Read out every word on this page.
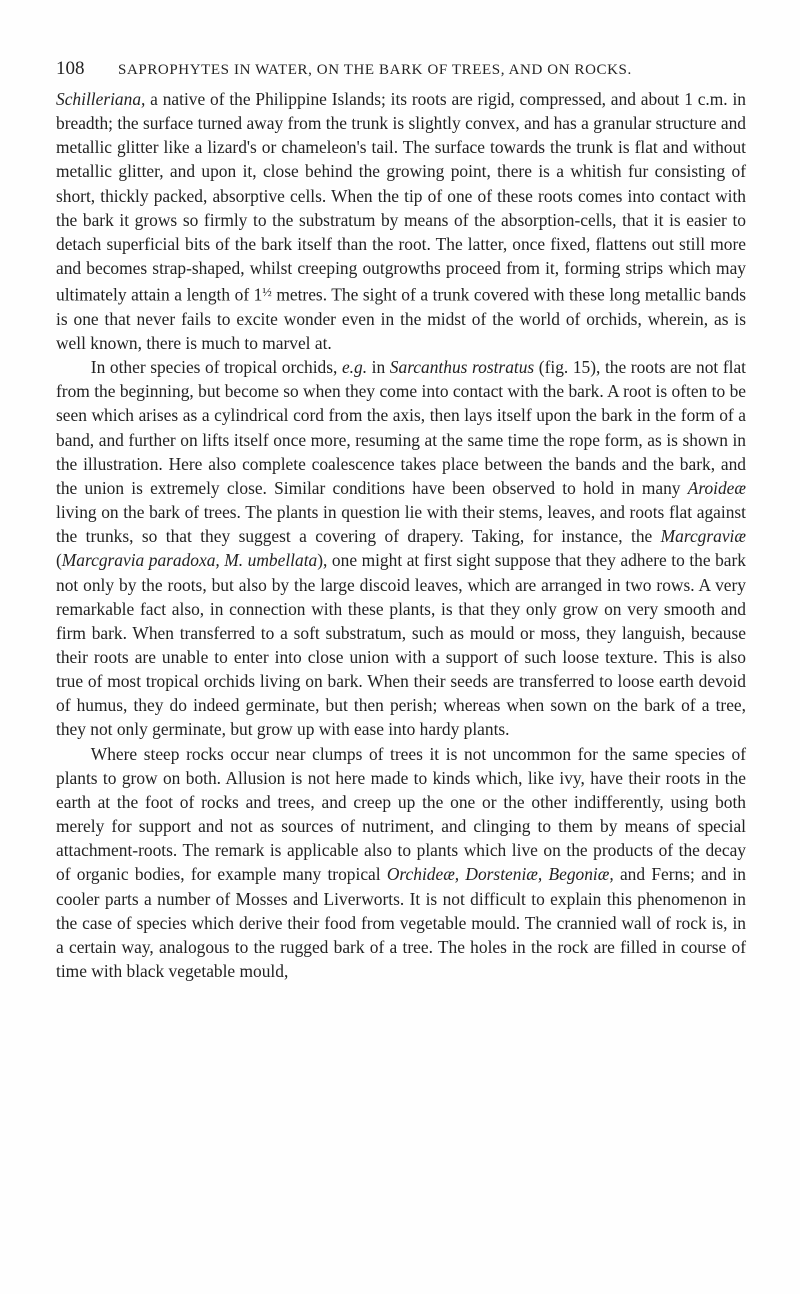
108 SAPROPHYTES IN WATER, ON THE BARK OF TREES, AND ON ROCKS.

Schilleriana, a native of the Philippine Islands; its roots are rigid, compressed, and about 1 c.m. in breadth; the surface turned away from the trunk is slightly convex, and has a granular structure and metallic glitter like a lizard's or chameleon's tail. The surface towards the trunk is flat and without metallic glitter, and upon it, close behind the growing point, there is a whitish fur consisting of short, thickly packed, absorptive cells. When the tip of one of these roots comes into contact with the bark it grows so firmly to the substratum by means of the absorption-cells, that it is easier to detach superficial bits of the bark itself than the root. The latter, once fixed, flattens out still more and becomes strap-shaped, whilst creeping outgrowths proceed from it, forming strips which may ultimately attain a length of $1^{\frac{1}{2}}$ metres. The sight of a trunk covered with these long metallic bands is one that never fails to excite wonder even in the midst of the world of orchids, wherein, as is well known, there is much to marvel at.

In other species of tropical orchids, e.g. in Sarcanthus rostratus (fig. 15), the roots are not flat from the beginning, but become so when they come into contact with the bark. A root is often to be seen which arises as a cylindrical cord from the axis, then lays itself upon the bark in the form of a band, and further on lifts itself once more, resuming at the same time the rope form, as is shown in the illustration. Here also complete coalescence takes place between the bands and the bark, and the union is extremely close. Similar conditions have been observed to hold in many Aroideæ living on the bark of trees. The plants in question lie with their stems, leaves, and roots flat against the trunks, so that they suggest a covering of drapery. Taking, for instance, the Marcgraviæ (Marcgravia paradoxa, M. umbellata), one might at first sight suppose that they adhere to the bark not only by the roots, but also by the large discoid leaves, which are arranged in two rows. A very remarkable fact also, in connection with these plants, is that they only grow on very smooth and firm bark. When transferred to a soft substratum, such as mould or moss, they languish, because their roots are unable to enter into close union with a support of such loose texture. This is also true of most tropical orchids living on bark. When their seeds are transferred to loose earth devoid of humus, they do indeed germinate, but then perish; whereas when sown on the bark of a tree, they not only germinate, but grow up with ease into hardy plants.

Where steep rocks occur near clumps of trees it is not uncommon for the same species of plants to grow on both. Allusion is not here made to kinds which, like ivy, have their roots in the earth at the foot of rocks and trees, and creep up the one or the other indifferently, using both merely for support and not as sources of nutriment, and clinging to them by means of special attachment-roots. The remark is applicable also to plants which live on the products of the decay of organic bodies, for example many tropical Orchideæ, Dorsteniæ, Begoniæ, and Ferns; and in cooler parts a number of Mosses and Liverworts. It is not difficult to explain this phenomenon in the case of species which derive their food from vegetable mould. The crannied wall of rock is, in a certain way, analogous to the rugged bark of a tree. The holes in the rock are filled in course of time with black vegetable mould,
